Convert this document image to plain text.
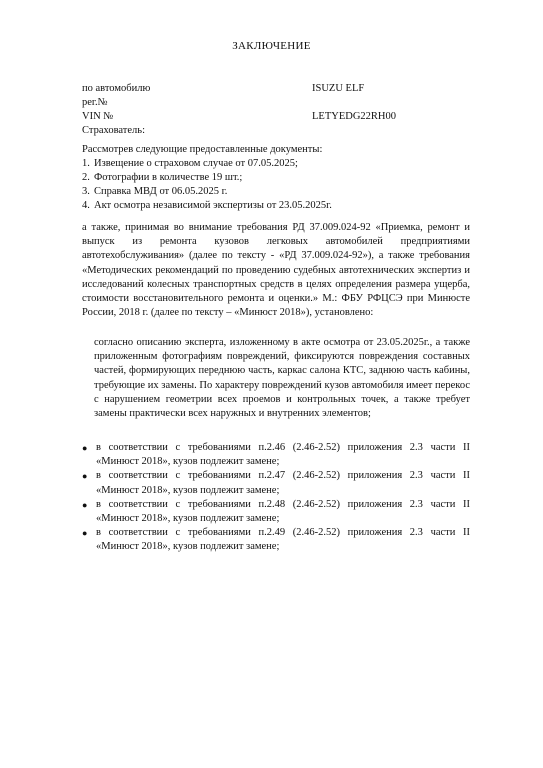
ЗАКЛЮЧЕНИЕ
по автомобилю	ISUZU ELF
рег.№
VIN №	LETYEDG22RH00
Страхователь:
Рассмотрев следующие предоставленные документы:
1. Извещение о страховом случае от 07.05.2025;
2. Фотографии в количестве 19 шт.;
3. Справка МВД от 06.05.2025 г.
4. Акт осмотра независимой экспертизы от 23.05.2025г.
а также, принимая во внимание требования РД 37.009.024-92 «Приемка, ремонт и выпуск из ремонта кузовов легковых автомобилей предприятиями автотехобслуживания» (далее по тексту - «РД 37.009.024-92»), а также требования «Методических рекомендаций по проведению судебных автотехнических экспертиз и исследований колесных транспортных средств в целях определения размера ущерба, стоимости восстановительного ремонта и оценки.» М.: ФБУ РФЦСЭ при Минюсте России, 2018 г. (далее по тексту – «Минюст 2018»), установлено:
согласно описанию эксперта, изложенному в акте осмотра от 23.05.2025г., а также приложенным фотографиям повреждений, фиксируются повреждения составных частей, формирующих переднюю часть, каркас салона КТС, заднюю часть кабины, требующие их замены. По характеру повреждений кузов автомобиля имеет перекос с нарушением геометрии всех проемов и контрольных точек, а также требует замены практически всех наружных и внутренних элементов;
● в соответствии с требованиями п.2.46 (2.46-2.52) приложения 2.3 части II «Минюст 2018», кузов подлежит замене;
● в соответствии с требованиями п.2.47 (2.46-2.52) приложения 2.3 части II «Минюст 2018», кузов подлежит замене;
● в соответствии с требованиями п.2.48 (2.46-2.52) приложения 2.3 части II «Минюст 2018», кузов подлежит замене;
● в соответствии с требованиями п.2.49 (2.46-2.52) приложения 2.3 части II «Минюст 2018», кузов подлежит замене;
